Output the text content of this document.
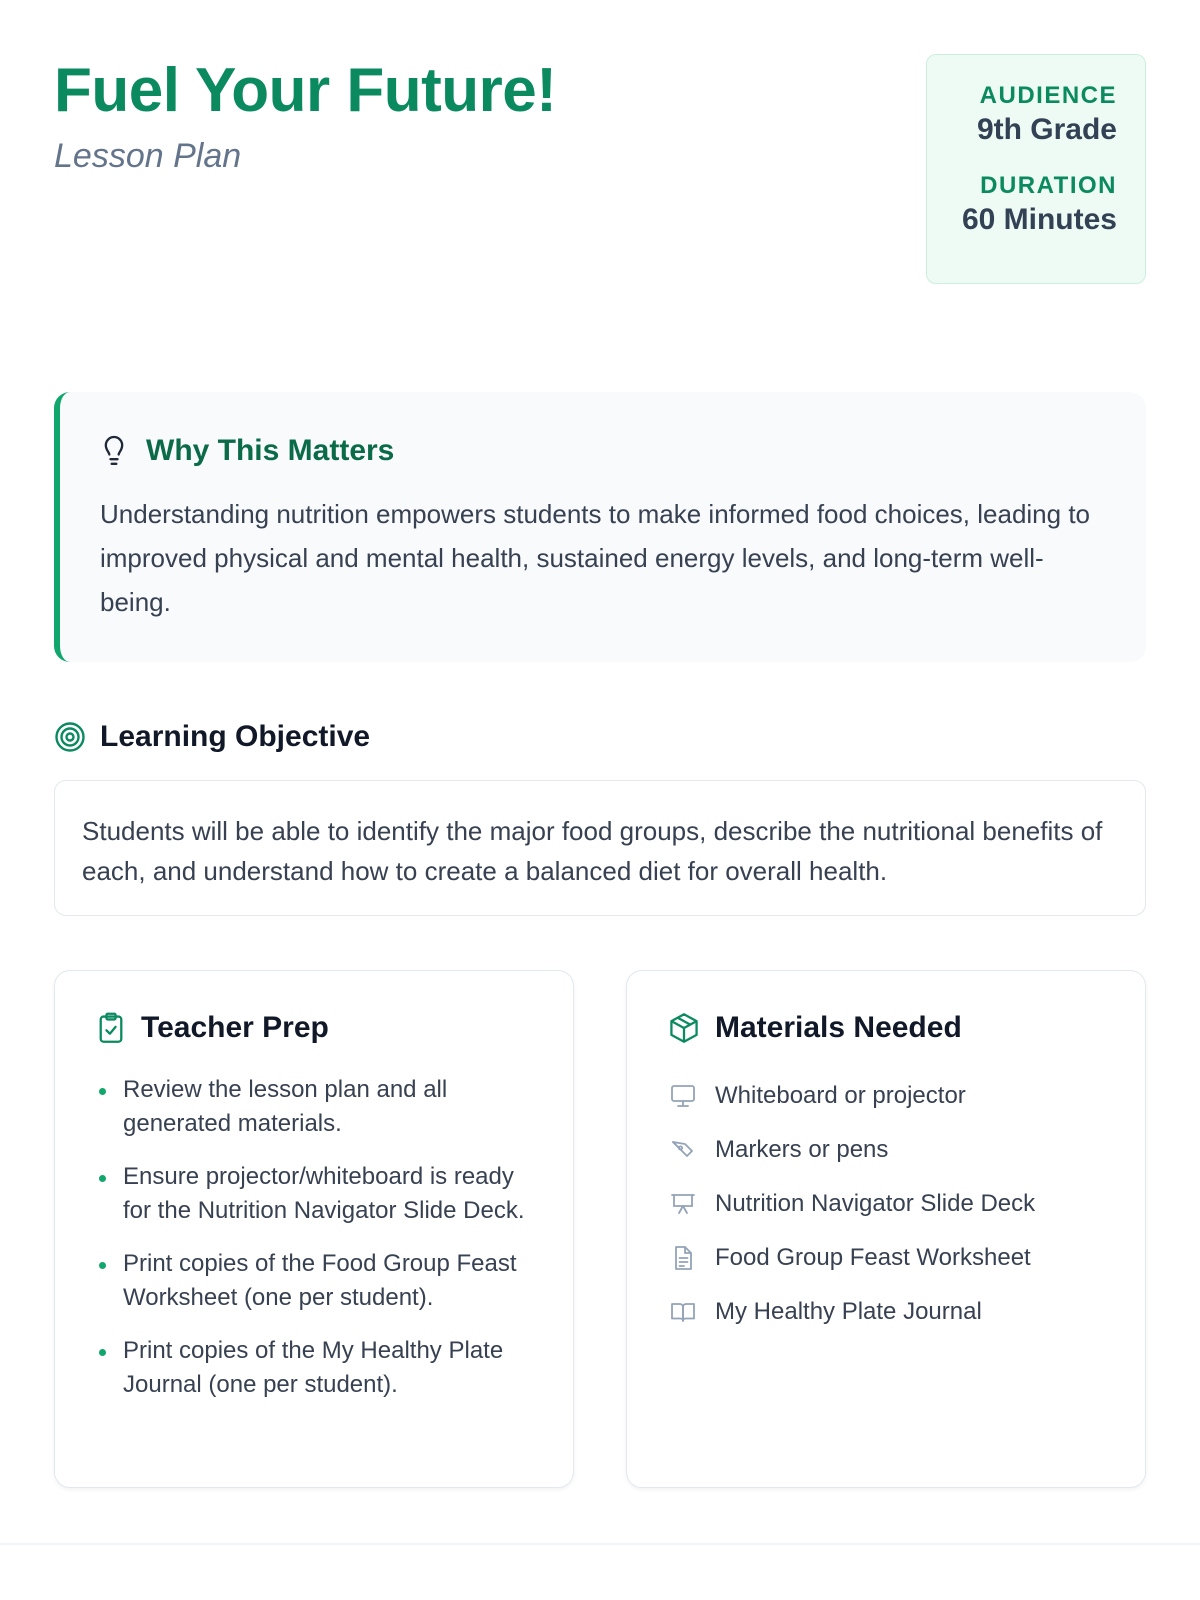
Fuel Your Future!
Lesson Plan
AUDIENCE
9th Grade
DURATION
60 Minutes
Why This Matters

Understanding nutrition empowers students to make informed food choices, leading to improved physical and mental health, sustained energy levels, and long-term well-being.

Learning Objective

Students will be able to identify the major food groups, describe the nutritional benefits of each, and understand how to create a balanced diet for overall health.

Teacher Prep
Review the lesson plan and all generated materials.
Ensure projector/whiteboard is ready for the Nutrition Navigator Slide Deck.
Print copies of the Food Group Feast Worksheet (one per student).
Print copies of the My Healthy Plate Journal (one per student).
Materials Needed
Whiteboard or projector
Markers or pens
Nutrition Navigator Slide Deck
Food Group Feast Worksheet
My Healthy Plate Journal
